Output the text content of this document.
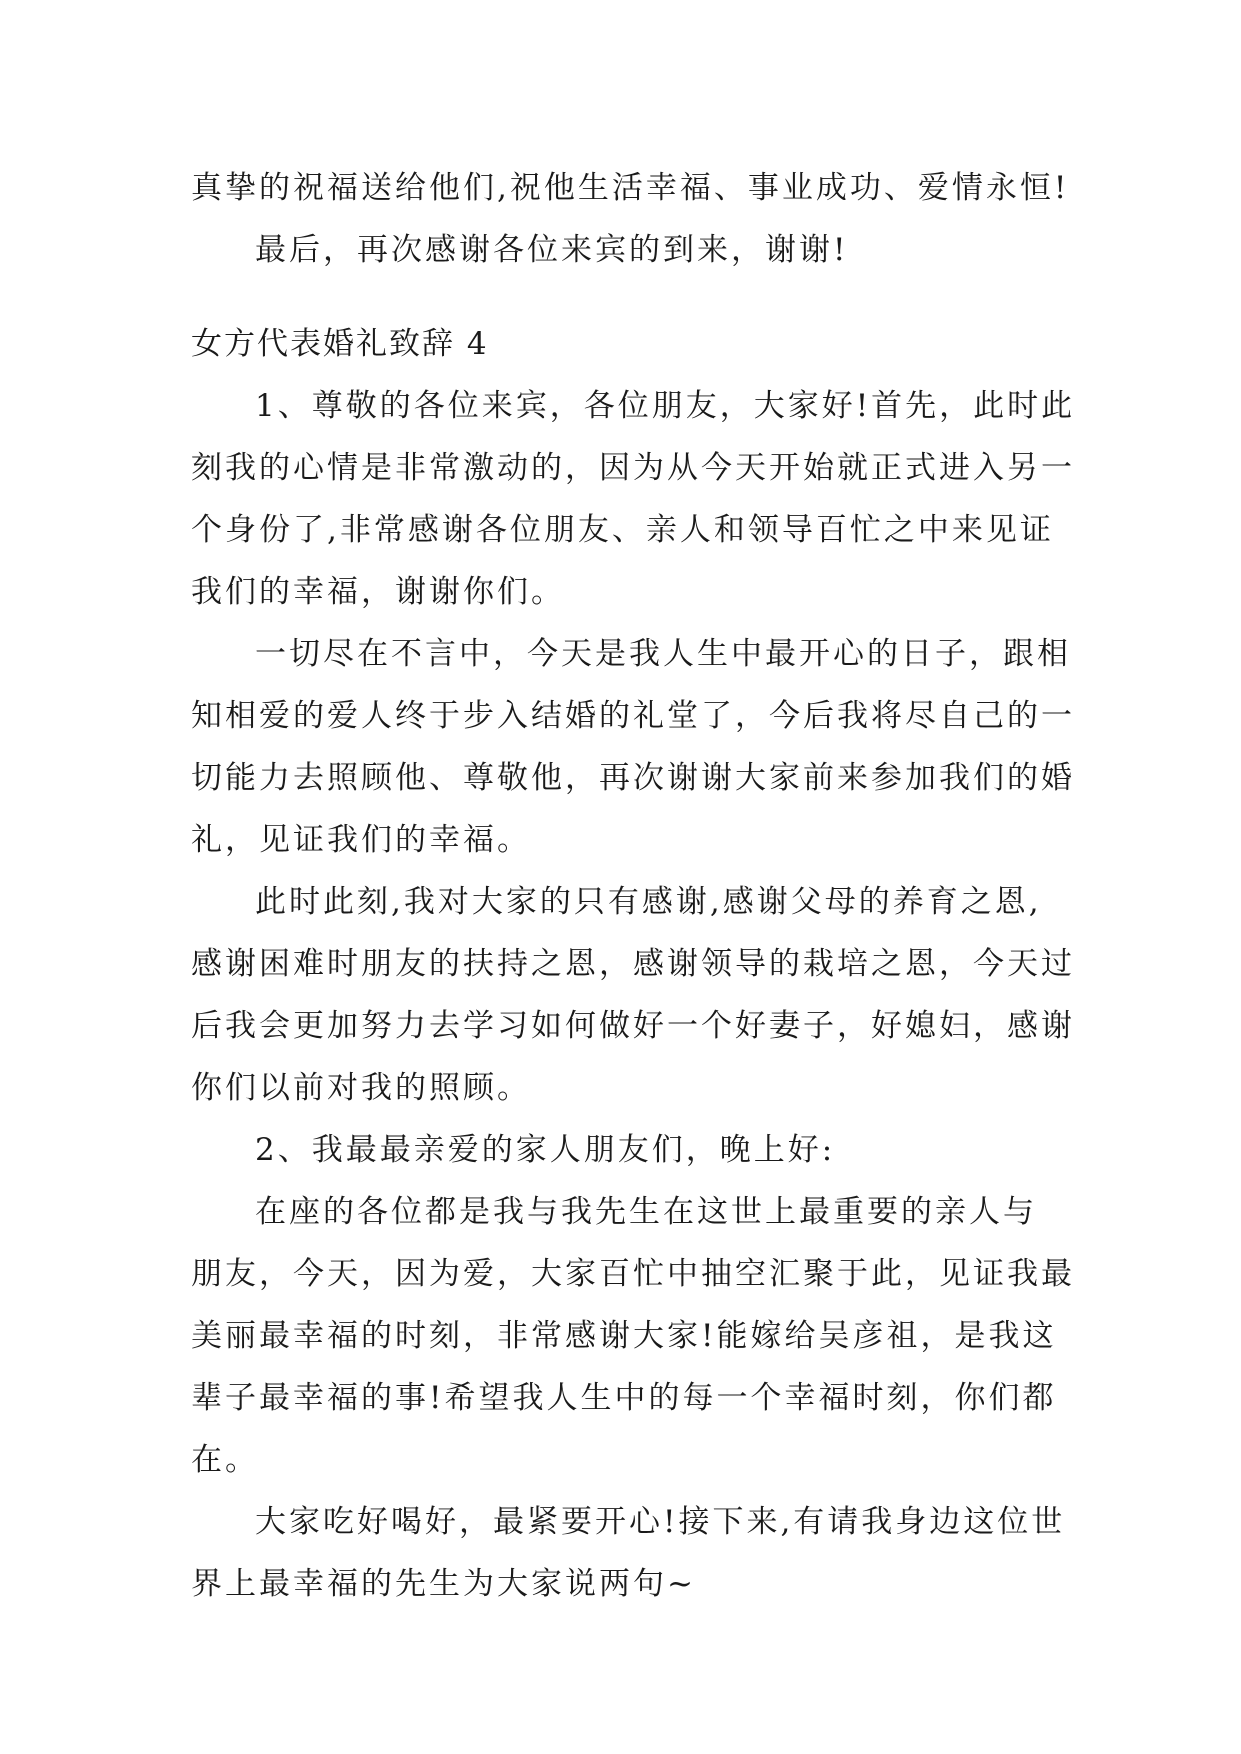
真挚的祝福送给他们,祝他生活幸福、事业成功、爱情永恒!
最后，再次感谢各位来宾的到来，谢谢!
女方代表婚礼致辞 4
1、尊敬的各位来宾，各位朋友，大家好!首先，此时此
刻我的心情是非常激动的，因为从今天开始就正式进入另一
个身份了,非常感谢各位朋友、亲人和领导百忙之中来见证
我们的幸福，谢谢你们。
一切尽在不言中，今天是我人生中最开心的日子，跟相
知相爱的爱人终于步入结婚的礼堂了，今后我将尽自己的一
切能力去照顾他、尊敬他，再次谢谢大家前来参加我们的婚
礼，见证我们的幸福。
此时此刻,我对大家的只有感谢,感谢父母的养育之恩,
感谢困难时朋友的扶持之恩，感谢领导的栽培之恩，今天过
后我会更加努力去学习如何做好一个好妻子，好媳妇，感谢
你们以前对我的照顾。
2、我最最亲爱的家人朋友们，晚上好:
在座的各位都是我与我先生在这世上最重要的亲人与
朋友，今天，因为爱，大家百忙中抽空汇聚于此，见证我最
美丽最幸福的时刻，非常感谢大家!能嫁给吴彦祖，是我这
辈子最幸福的事!希望我人生中的每一个幸福时刻，你们都
在。
大家吃好喝好，最紧要开心!接下来,有请我身边这位世
界上最幸福的先生为大家说两句~
